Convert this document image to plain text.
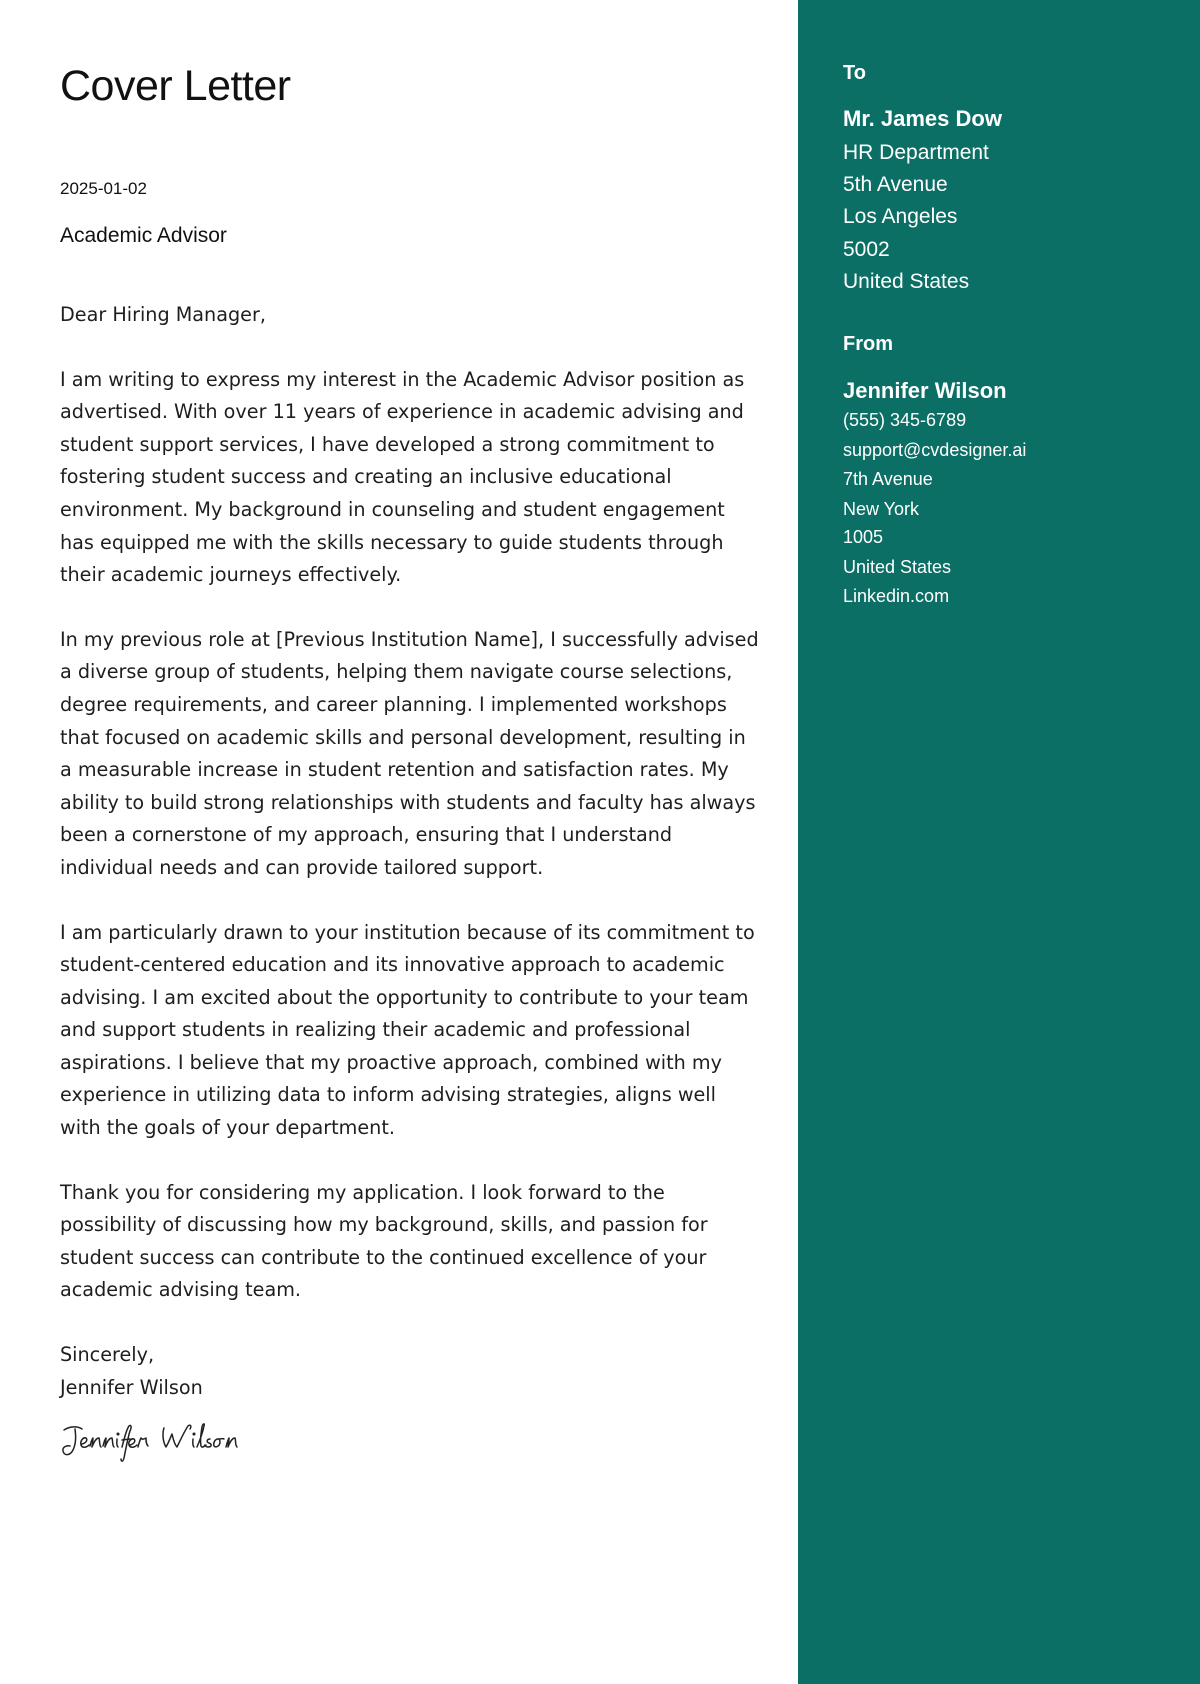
Cover Letter
2025-01-02
Academic Advisor

Dear Hiring Manager,

I am writing to express my interest in the Academic Advisor position as advertised. With over 11 years of experience in academic advising and student support services, I have developed a strong commitment to fostering student success and creating an inclusive educational environment. My background in counseling and student engagement has equipped me with the skills necessary to guide students through their academic journeys effectively.

In my previous role at [Previous Institution Name], I successfully advised a diverse group of students, helping them navigate course selections, degree requirements, and career planning. I implemented workshops that focused on academic skills and personal development, resulting in a measurable increase in student retention and satisfaction rates. My ability to build strong relationships with students and faculty has always been a cornerstone of my approach, ensuring that I understand individual needs and can provide tailored support.

I am particularly drawn to your institution because of its commitment to student-centered education and its innovative approach to academic advising. I am excited about the opportunity to contribute to your team and support students in realizing their academic and professional aspirations. I believe that my proactive approach, combined with my experience in utilizing data to inform advising strategies, aligns well with the goals of your department.

Thank you for considering my application. I look forward to the possibility of discussing how my background, skills, and passion for student success can contribute to the continued excellence of your academic advising team.

Sincerely,
Jennifer Wilson

To
Mr. James Dow
HR Department
5th Avenue
Los Angeles
5002
United States
From
Jennifer Wilson
(555) 345-6789
support@cvdesigner.ai
7th Avenue
New York
1005
United States
Linkedin.com
